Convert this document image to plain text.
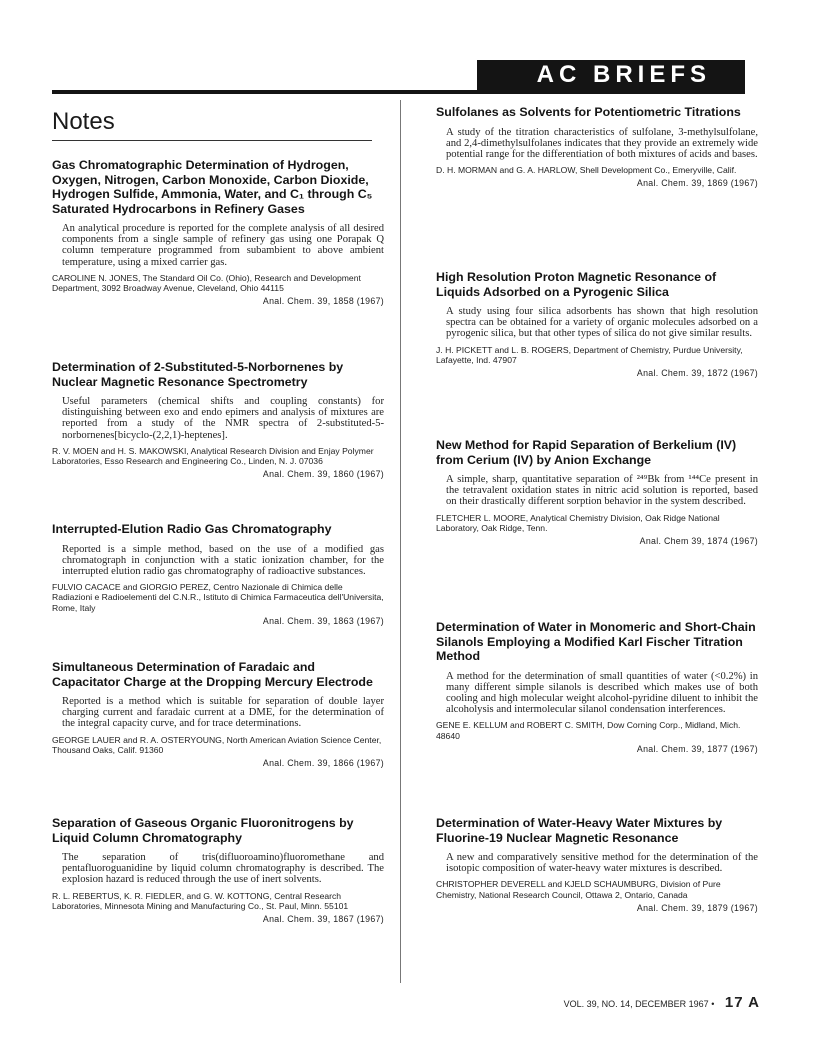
AC BRIEFS
Notes
Gas Chromatographic Determination of Hydrogen, Oxygen, Nitrogen, Carbon Monoxide, Carbon Dioxide, Hydrogen Sulfide, Ammonia, Water, and C₁ through C₅ Saturated Hydrocarbons in Refinery Gases

An analytical procedure is reported for the complete analysis of all desired components from a single sample of refinery gas using one Porapak Q column temperature programmed from subambient to above ambient temperature, using a mixed carrier gas.

CAROLINE N. JONES, The Standard Oil Co. (Ohio), Research and Development Department, 3092 Broadway Avenue, Cleveland, Ohio 44115

Anal. Chem. 39, 1858 (1967)

Determination of 2-Substituted-5-Norbornenes by Nuclear Magnetic Resonance Spectrometry

Useful parameters (chemical shifts and coupling constants) for distinguishing between exo and endo epimers and analysis of mixtures are reported from a study of the NMR spectra of 2-substituted-5-norbornenes[bicyclo-(2,2,1)-heptenes].

R. V. MOEN and H. S. MAKOWSKI, Analytical Research Division and Enjay Polymer Laboratories, Esso Research and Engineering Co., Linden, N. J. 07036

Anal. Chem. 39, 1860 (1967)

Interrupted-Elution Radio Gas Chromatography

Reported is a simple method, based on the use of a modified gas chromatograph in conjunction with a static ionization chamber, for the interrupted elution radio gas chromatography of radioactive substances.

FULVIO CACACE and GIORGIO PEREZ, Centro Nazionale di Chimica delle Radiazioni e Radioelementi del C.N.R., Istituto di Chimica Farmaceutica dell'Universita, Rome, Italy

Anal. Chem. 39, 1863 (1967)

Simultaneous Determination of Faradaic and Capacitator Charge at the Dropping Mercury Electrode

Reported is a method which is suitable for separation of double layer charging current and faradaic current at a DME, for the determination of the integral capacity curve, and for trace determinations.

GEORGE LAUER and R. A. OSTERYOUNG, North American Aviation Science Center, Thousand Oaks, Calif. 91360

Anal. Chem. 39, 1866 (1967)

Separation of Gaseous Organic Fluoronitrogens by Liquid Column Chromatography

The separation of tris(difluoroamino)fluoromethane and pentafluoroguanidine by liquid column chromatography is described. The explosion hazard is reduced through the use of inert solvents.

R. L. REBERTUS, K. R. FIEDLER, and G. W. KOTTONG, Central Research Laboratories, Minnesota Mining and Manufacturing Co., St. Paul, Minn. 55101

Anal. Chem. 39, 1867 (1967)

Sulfolanes as Solvents for Potentiometric Titrations

A study of the titration characteristics of sulfolane, 3-methylsulfolane, and 2,4-dimethylsulfolanes indicates that they provide an extremely wide potential range for the differentiation of both mixtures of acids and bases.

D. H. MORMAN and G. A. HARLOW, Shell Development Co., Emeryville, Calif.

Anal. Chem. 39, 1869 (1967)

High Resolution Proton Magnetic Resonance of Liquids Adsorbed on a Pyrogenic Silica

A study using four silica adsorbents has shown that high resolution spectra can be obtained for a variety of organic molecules adsorbed on a pyrogenic silica, but that other types of silica do not give similar results.

J. H. PICKETT and L. B. ROGERS, Department of Chemistry, Purdue University, Lafayette, Ind. 47907

Anal. Chem. 39, 1872 (1967)

New Method for Rapid Separation of Berkelium (IV) from Cerium (IV) by Anion Exchange

A simple, sharp, quantitative separation of ²⁴⁹Bk from ¹⁴⁴Ce present in the tetravalent oxidation states in nitric acid solution is reported, based on their drastically different sorption behavior in the system described.

FLETCHER L. MOORE, Analytical Chemistry Division, Oak Ridge National Laboratory, Oak Ridge, Tenn.

Anal. Chem 39, 1874 (1967)

Determination of Water in Monomeric and Short-Chain Silanols Employing a Modified Karl Fischer Titration Method

A method for the determination of small quantities of water (<0.2%) in many different simple silanols is described which makes use of both cooling and high molecular weight alcohol-pyridine diluent to inhibit the alcoholysis and intermolecular silanol condensation interferences.

GENE E. KELLUM and ROBERT C. SMITH, Dow Corning Corp., Midland, Mich. 48640

Anal. Chem. 39, 1877 (1967)

Determination of Water-Heavy Water Mixtures by Fluorine-19 Nuclear Magnetic Resonance

A new and comparatively sensitive method for the determination of the isotopic composition of water-heavy water mixtures is described.

CHRISTOPHER DEVERELL and KJELD SCHAUMBURG, Division of Pure Chemistry, National Research Council, Ottawa 2, Ontario, Canada

Anal. Chem. 39, 1879 (1967)

VOL. 39, NO. 14, DECEMBER 1967 • 17 A
